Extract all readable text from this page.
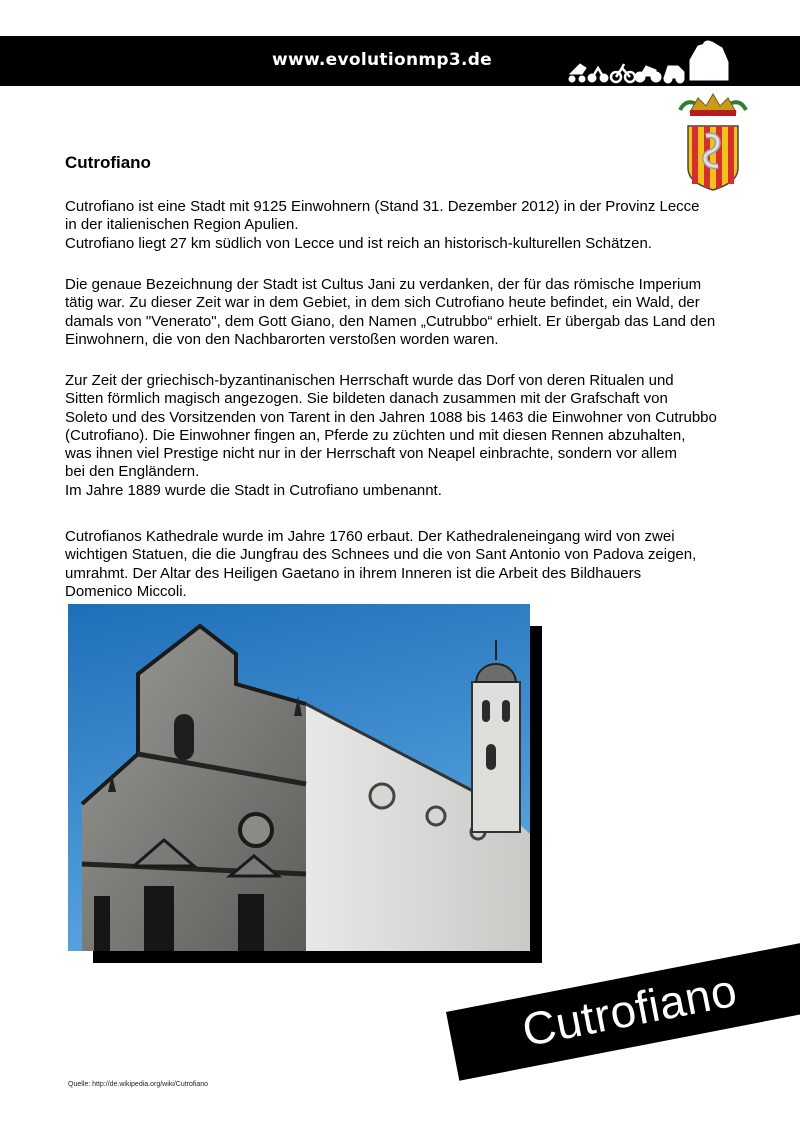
www.evolutionmp3.de
Cutrofiano

Cutrofiano ist eine Stadt mit 9125 Einwohnern (Stand 31. Dezember 2012) in der Provinz Lecce
in der italienischen Region Apulien.
Cutrofiano liegt 27 km südlich von Lecce und ist reich an historisch-kulturellen Schätzen.

Die genaue Bezeichnung der Stadt ist Cultus Jani zu verdanken, der für das römische Imperium
tätig war. Zu dieser Zeit war in dem Gebiet, in dem sich Cutrofiano heute befindet, ein Wald, der
damals von "Venerato", dem Gott Giano, den Namen „Cutrubbo“ erhielt. Er übergab das Land den
Einwohnern, die von den Nachbarorten verstoßen worden waren.

Zur Zeit der griechisch-byzantinanischen Herrschaft wurde das Dorf von deren Ritualen und
Sitten förmlich magisch angezogen. Sie bildeten danach zusammen mit der Grafschaft von
Soleto und des Vorsitzenden von Tarent in den Jahren 1088 bis 1463 die Einwohner von Cutrubbo
(Cutrofiano). Die Einwohner fingen an, Pferde zu züchten und mit diesen Rennen abzuhalten,
was ihnen viel Prestige nicht nur in der Herrschaft von Neapel einbrachte, sondern vor allem
bei den Engländern.
Im Jahre 1889 wurde die Stadt in Cutrofiano umbenannt.

Cutrofianos Kathedrale wurde im Jahre 1760 erbaut. Der Kathedraleneingang wird von zwei
wichtigen Statuen, die die Jungfrau des Schnees und die von Sant Antonio von Padova zeigen,
umrahmt. Der Altar des Heiligen Gaetano in ihrem Inneren ist die Arbeit des Bildhauers
Domenico Miccoli.

Cutrofiano
Quelle: http://de.wikipedia.org/wiki/Cutrofiano
